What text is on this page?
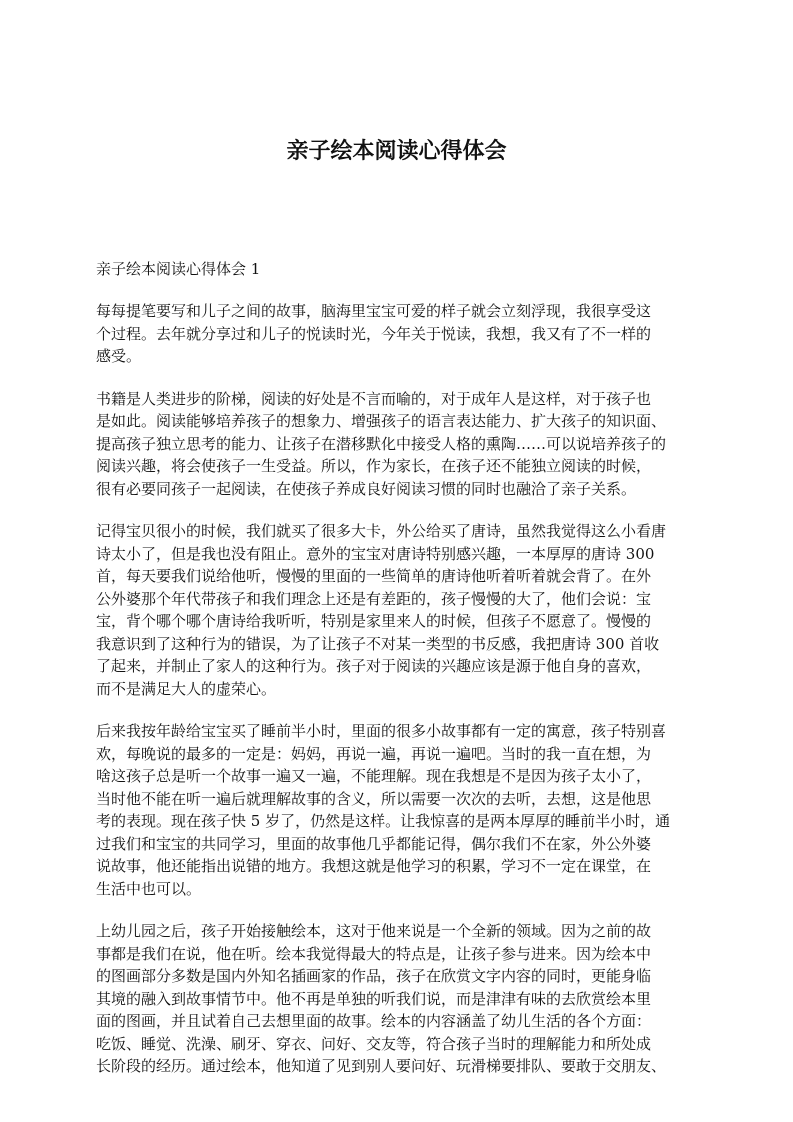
亲子绘本阅读心得体会

亲子绘本阅读心得体会 1

每每提笔要写和儿子之间的故事，脑海里宝宝可爱的样子就会立刻浮现，我很享受这
个过程。去年就分享过和儿子的悦读时光，今年关于悦读，我想，我又有了不一样的
感受。
书籍是人类进步的阶梯，阅读的好处是不言而喻的，对于成年人是这样，对于孩子也
是如此。阅读能够培养孩子的想象力、增强孩子的语言表达能力、扩大孩子的知识面、
提高孩子独立思考的能力、让孩子在潜移默化中接受人格的熏陶……可以说培养孩子的
阅读兴趣，将会使孩子一生受益。所以，作为家长，在孩子还不能独立阅读的时候，
很有必要同孩子一起阅读，在使孩子养成良好阅读习惯的同时也融洽了亲子关系。
记得宝贝很小的时候，我们就买了很多大卡，外公给买了唐诗，虽然我觉得这么小看唐
诗太小了，但是我也没有阻止。意外的宝宝对唐诗特别感兴趣，一本厚厚的唐诗 300
首，每天要我们说给他听，慢慢的里面的一些简单的唐诗他听着听着就会背了。在外
公外婆那个年代带孩子和我们理念上还是有差距的，孩子慢慢的大了，他们会说：宝
宝，背个哪个哪个唐诗给我听听，特别是家里来人的时候，但孩子不愿意了。慢慢的
我意识到了这种行为的错误，为了让孩子不对某一类型的书反感，我把唐诗 300 首收
了起来，并制止了家人的这种行为。孩子对于阅读的兴趣应该是源于他自身的喜欢，
而不是满足大人的虚荣心。
后来我按年龄给宝宝买了睡前半小时，里面的很多小故事都有一定的寓意，孩子特别喜
欢，每晚说的最多的一定是：妈妈，再说一遍，再说一遍吧。当时的我一直在想，为
啥这孩子总是听一个故事一遍又一遍，不能理解。现在我想是不是因为孩子太小了，
当时他不能在听一遍后就理解故事的含义，所以需要一次次的去听，去想，这是他思
考的表现。现在孩子快 5 岁了，仍然是这样。让我惊喜的是两本厚厚的睡前半小时，通
过我们和宝宝的共同学习，里面的故事他几乎都能记得，偶尔我们不在家，外公外婆
说故事，他还能指出说错的地方。我想这就是他学习的积累，学习不一定在课堂，在
生活中也可以。
上幼儿园之后，孩子开始接触绘本，这对于他来说是一个全新的领域。因为之前的故
事都是我们在说，他在听。绘本我觉得最大的特点是，让孩子参与进来。因为绘本中
的图画部分多数是国内外知名插画家的作品，孩子在欣赏文字内容的同时，更能身临
其境的融入到故事情节中。他不再是单独的听我们说，而是津津有味的去欣赏绘本里
面的图画，并且试着自己去想里面的故事。绘本的内容涵盖了幼儿生活的各个方面：
吃饭、睡觉、洗澡、刷牙、穿衣、问好、交友等，符合孩子当时的理解能力和所处成
长阶段的经历。通过绘本，他知道了见到别人要问好、玩滑梯要排队、要敢于交朋友、
